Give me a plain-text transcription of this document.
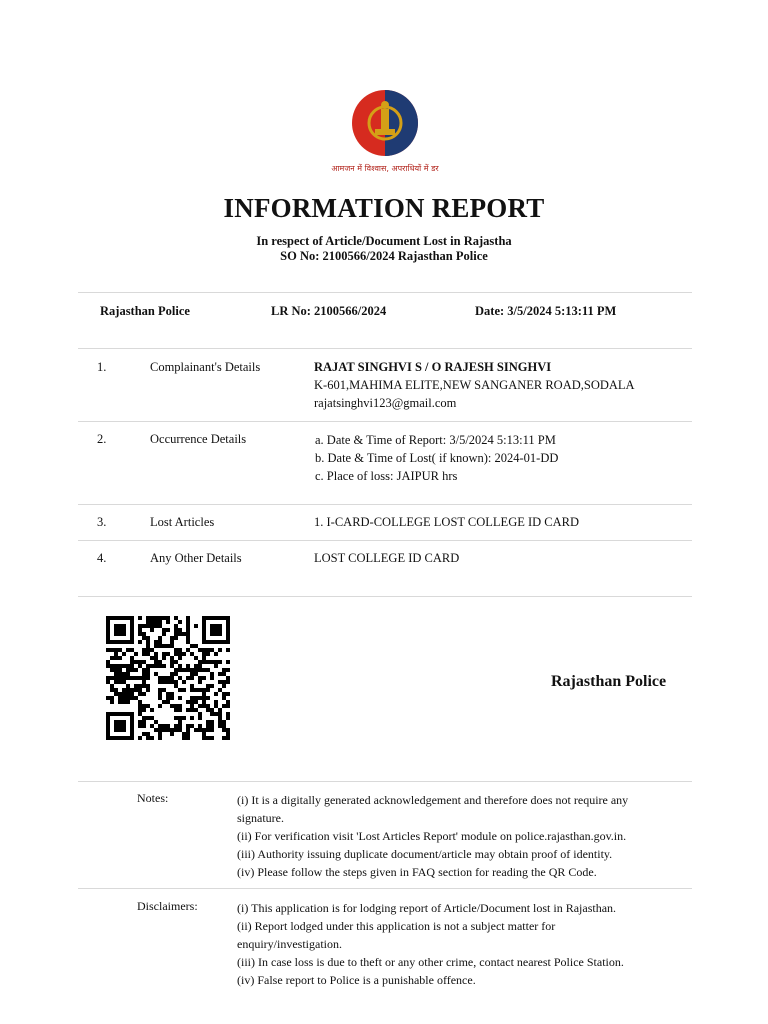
आमजन में विश्वास, अपराधियों में डर
INFORMATION REPORT
In respect of Article/Document Lost in Rajastha
SO No: 2100566/2024 Rajasthan Police
Rajasthan Police	LR No: 2100566/2024	Date: 3/5/2024 5:13:11 PM
1.	Complainant's Details	RAJAT SINGHVI S / O RAJESH SINGHVI
K-601,MAHIMA ELITE,NEW SANGANER ROAD,SODALA
rajatsinghvi123@gmail.com
2.	Occurrence Details	a. Date & Time of Report: 3/5/2024 5:13:11 PM
b. Date & Time of Lost( if known): 2024-01-DD
c. Place of loss: JAIPUR hrs
3.	Lost Articles	1. I-CARD-COLLEGE LOST COLLEGE ID CARD
4.	Any Other Details	LOST COLLEGE ID CARD
Rajasthan Police
Notes:	(i) It is a digitally generated acknowledgement and therefore does not require any
signature.
(ii) For verification visit 'Lost Articles Report' module on police.rajasthan.gov.in.
(iii) Authority issuing duplicate document/article may obtain proof of identity.
(iv) Please follow the steps given in FAQ section for reading the QR Code.
Disclaimers:	(i) This application is for lodging report of Article/Document lost in Rajasthan.
(ii) Report lodged under this application is not a subject matter for
enquiry/investigation.
(iii) In case loss is due to theft or any other crime, contact nearest Police Station.
(iv) False report to Police is a punishable offence.
